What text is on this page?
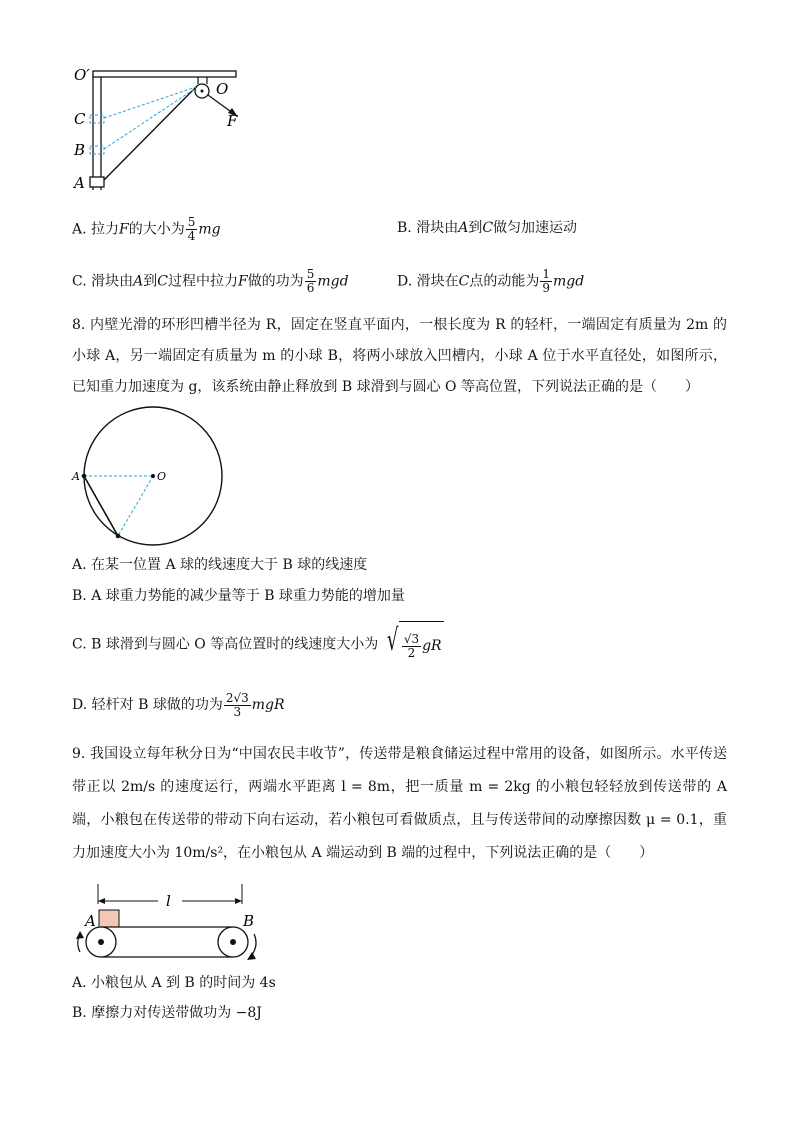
O′
O
F
C
B
A
A. 拉力F的大小为 $\frac{5}{4}$ mg	B. 滑块由A到C做匀加速运动
C. 滑块由A到C过程中拉力F做的功为 $\frac{5}{6}$ mgd	D. 滑块在C点的动能为 $\frac{1}{9}$ mgd
8. 内壁光滑的环形凹槽半径为 R，固定在竖直平面内，一根长度为 R 的轻杆，一端固定有质量为 2m 的小球 A，另一端固定有质量为 m 的小球 B，将两小球放入凹槽内，小球 A 位于水平直径处，如图所示，已知重力加速度为 g，该系统由静止释放到 B 球滑到与圆心 O 等高位置，下列说法正确的是（　　）
A	O
A. 在某一位置 A 球的线速度大于 B 球的线速度
B. A 球重力势能的减少量等于 B 球重力势能的增加量
C. B 球滑到与圆心 O 等高位置时的线速度大小为 √ $\frac{√3}{2}$ gR
D. 轻杆对 B 球做的功为 $\frac{2√3}{3}$ mgR
9. 我国设立每年秋分日为“中国农民丰收节”，传送带是粮食储运过程中常用的设备，如图所示。水平传送带正以 2m/s 的速度运行，两端水平距离 l = 8m，把一质量 m = 2kg 的小粮包轻轻放到传送带的 A 端，小粮包在传送带的带动下向右运动，若小粮包可看做质点，且与传送带间的动摩擦因数 μ = 0.1，重力加速度大小为 10m/s²，在小粮包从 A 端运动到 B 端的过程中，下列说法正确的是（　　）
l
A	B
A. 小粮包从 A 到 B 的时间为 4s
B. 摩擦力对传送带做功为 −8J
